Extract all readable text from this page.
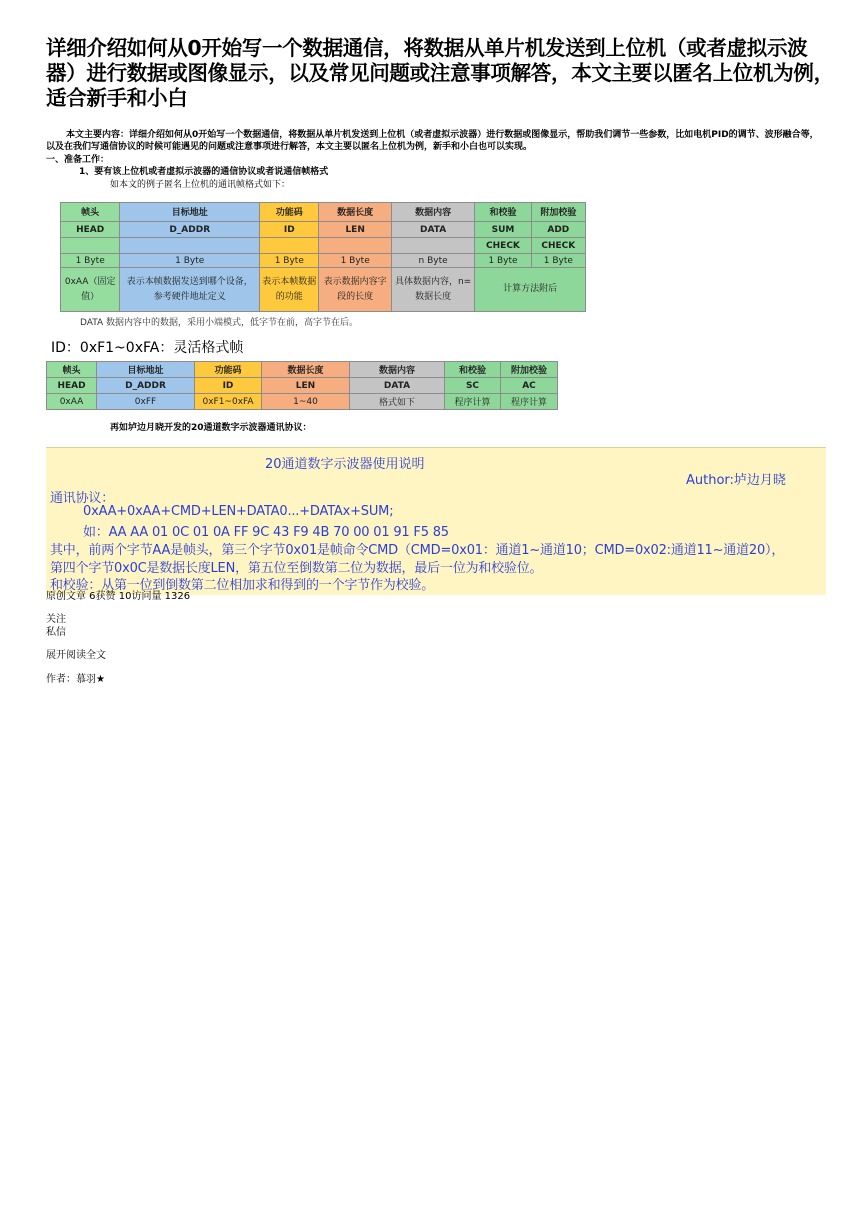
详细介绍如何从0开始写一个数据通信，将数据从单片机发送到上位机（或者虚拟示波器）进行数据或图像显示，以及常见问题或注意事项解答，本文主要以匿名上位机为例，适合新手和小白

本文主要内容：详细介绍如何从0开始写一个数据通信，将数据从单片机发送到上位机（或者虚拟示波器）进行数据或图像显示，帮助我们调节一些参数，比如电机PID的调节、波形融合等，以及在我们写通信协议的时候可能遇见的问题或注意事项进行解答，本文主要以匿名上位机为例，新手和小白也可以实现。

一、准备工作：
1、要有该上位机或者虚拟示波器的通信协议或者说通信帧格式
如本文的例子匿名上位机的通讯帧格式如下：
帧头	目标地址	功能码	数据长度	数据内容	和校验	附加校验
HEAD	D_ADDR	ID	LEN	DATA	SUM	ADD
					CHECK	CHECK
1 Byte	1 Byte	1 Byte	1 Byte	n Byte	1 Byte	1 Byte
0xAA（固定值）	表示本帧数据发送到哪个设备，参考硬件地址定义	表示本帧数据的功能	表示数据内容字段的长度	具体数据内容，n=数据长度	计算方法附后	
DATA 数据内容中的数据，采用小端模式，低字节在前，高字节在后。
ID：0xF1~0xFA：灵活格式帧
帧头	目标地址	功能码	数据长度	数据内容	和校验	附加校验
HEAD	D_ADDR	ID	LEN	DATA	SC	AC
0xAA	0xFF	0xF1~0xFA	1~40	格式如下	程序计算	程序计算
再如垆边月晓开发的20通道数字示波器通讯协议：
20通道数字示波器使用说明
Author:垆边月晓
通讯协议：
0xAA+0xAA+CMD+LEN+DATA0...+DATAx+SUM;
如：AA AA 01 0C 01 0A FF 9C 43 F9 4B 70 00 01 91 F5 85
其中，前两个字节AA是帧头，第三个字节0x01是帧命令CMD（CMD=0x01：通道1~通道10；CMD=0x02:通道11~通道20），
第四个字节0x0C是数据长度LEN，第五位至倒数第二位为数据，最后一位为和校验位。
和校验：从第一位到倒数第二位相加求和得到的一个字节作为校验。
原创文章 6获赞 10访问量 1326
关注
私信
展开阅读全文
作者：慕羽★
